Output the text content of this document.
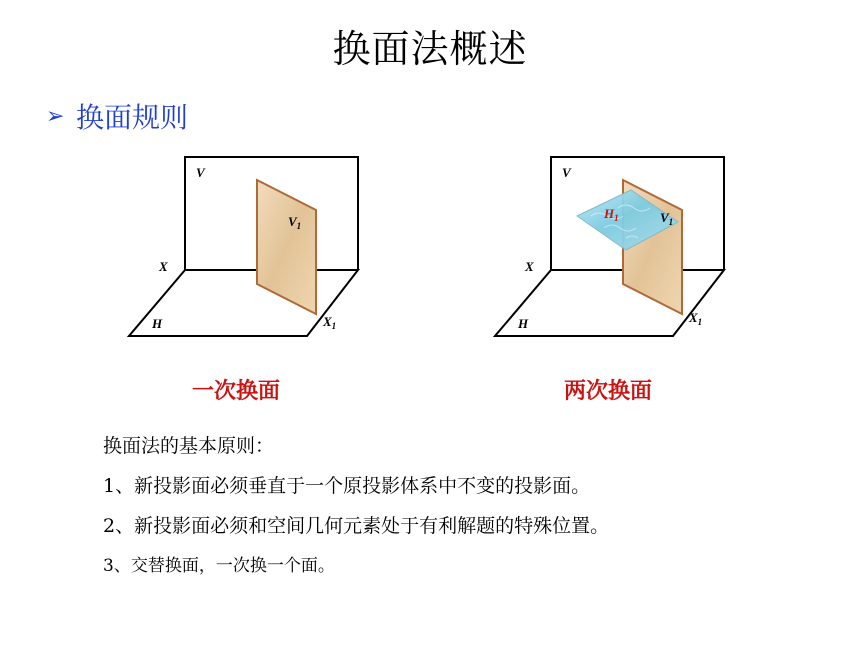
换面法概述
➢ 换面规则
V
X
H
$V_1$
$X_1$
V
X
H
$H_1$	$V_1$
$X_1$
一次换面	两次换面
换面法的基本原则：
1、新投影面必须垂直于一个原投影体系中不变的投影面。
2、新投影面必须和空间几何元素处于有利解题的特殊位置。
3、交替换面，一次换一个面。
